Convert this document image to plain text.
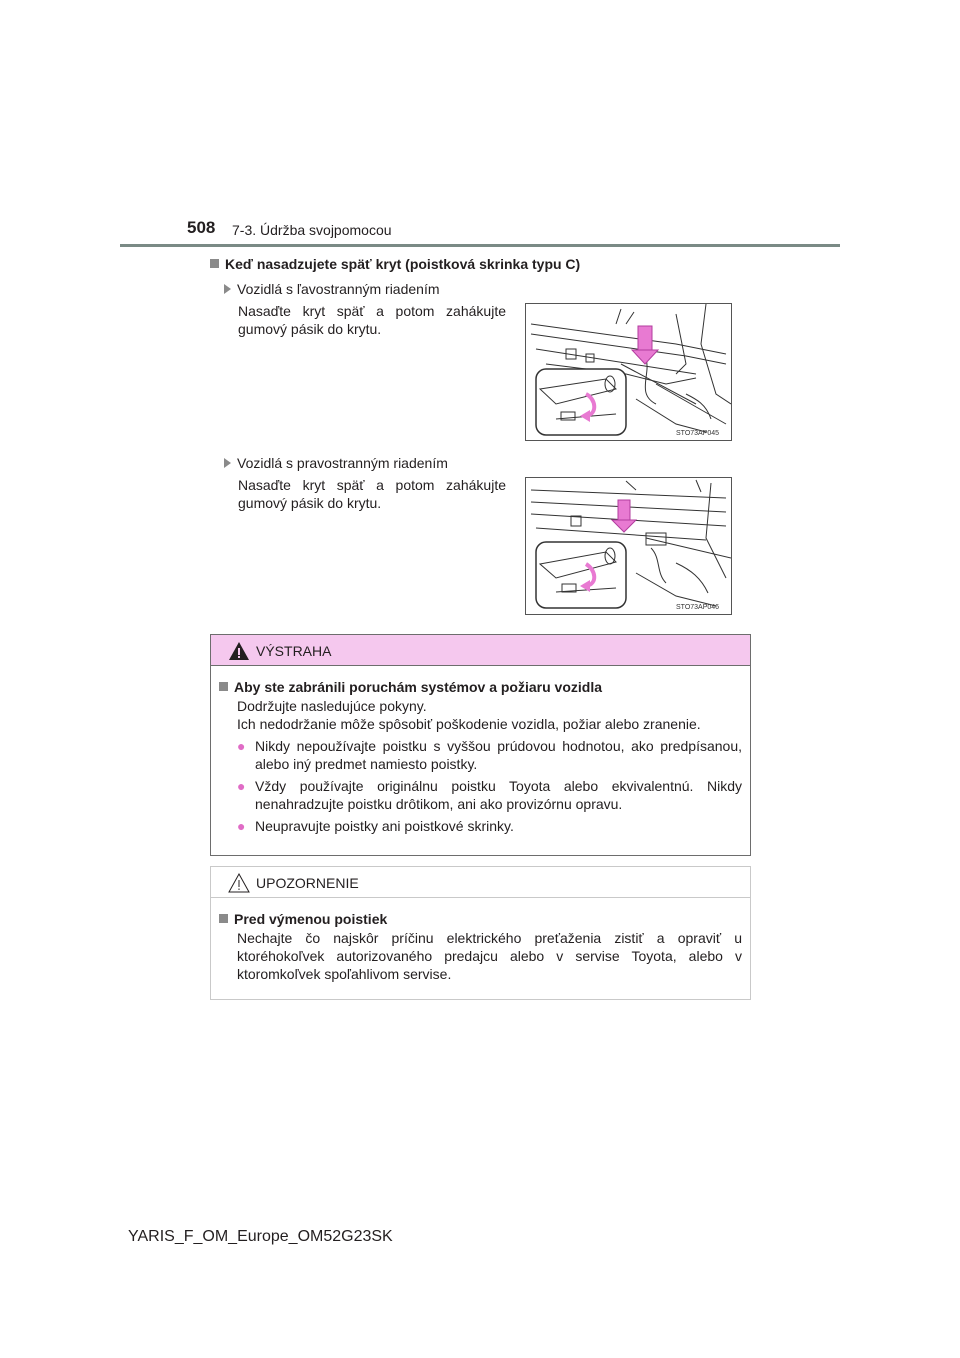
508 7-3. Údržba svojpomocou
Keď nasadzujete späť kryt (poistková skrinka typu C)
Vozidlá s ľavostranným riadením
Nasaďte kryt späť a potom zahákujte gumový pásik do krytu.
STO73AP045
Vozidlá s pravostranným riadením
Nasaďte kryt späť a potom zahákujte gumový pásik do krytu.
STO73AP046
VÝSTRAHA
Aby ste zabránili poruchám systémov a požiaru vozidla
Dodržujte nasledujúce pokyny.
Ich nedodržanie môže spôsobiť poškodenie vozidla, požiar alebo zranenie.
● Nikdy nepoužívajte poistku s vyššou prúdovou hodnotou, ako predpísanou, alebo iný predmet namiesto poistky.
● Vždy používajte originálnu poistku Toyota alebo ekvivalentnú. Nikdy nenahradzujte poistku drôtikom, ani ako provizórnu opravu.
● Neupravujte poistky ani poistkové skrinky.
UPOZORNENIE
Pred výmenou poistiek
Nechajte čo najskôr príčinu elektrického preťaženia zistiť a opraviť u ktoréhokoľvek autorizovaného predajcu alebo v servise Toyota, alebo v ktoromkoľvek spoľahlivom servise.
YARIS_F_OM_Europe_OM52G23SK
